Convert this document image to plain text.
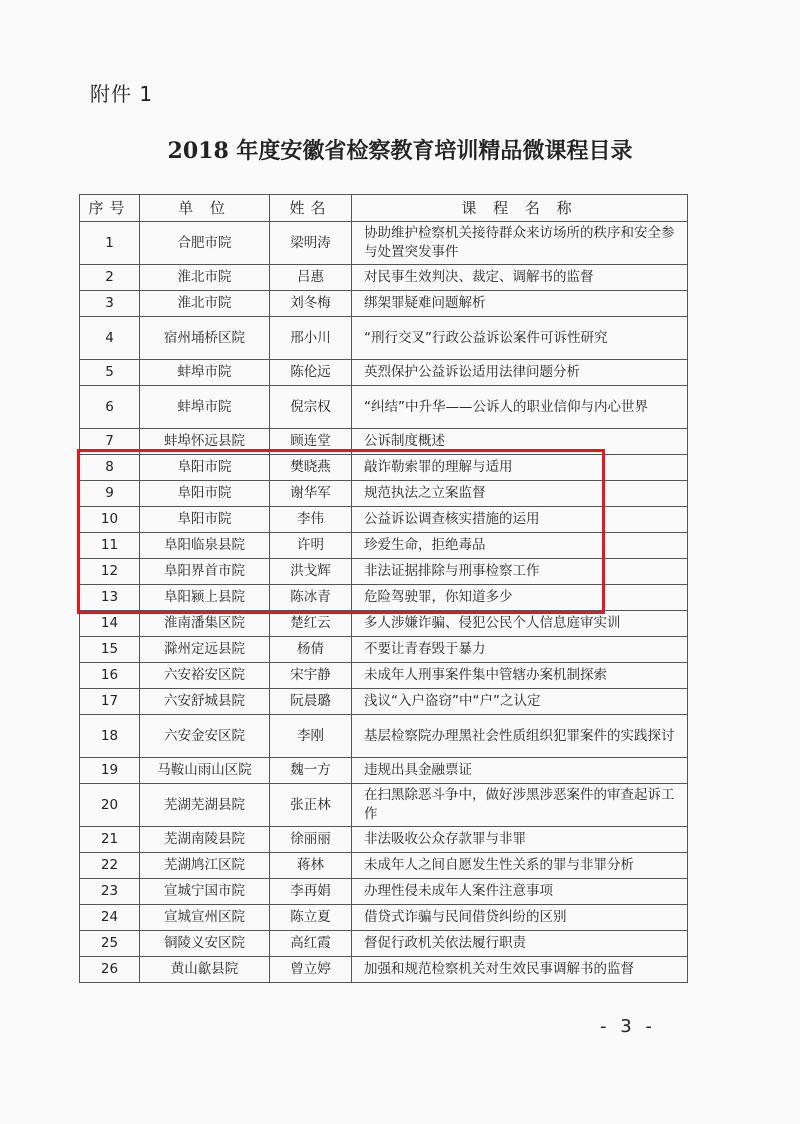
附件 1
2018 年度安徽省检察教育培训精品微课程目录
序号	单 位	姓名	课 程 名 称
1	合肥市院	梁明涛	协助维护检察机关接待群众来访场所的秩序和安全参与处置突发事件
2	淮北市院	吕惠	对民事生效判决、裁定、调解书的监督
3	淮北市院	刘冬梅	绑架罪疑难问题解析
4	宿州埇桥区院	邢小川	“刑行交叉”行政公益诉讼案件可诉性研究
5	蚌埠市院	陈伦远	英烈保护公益诉讼适用法律问题分析
6	蚌埠市院	倪宗权	“纠结”中升华——公诉人的职业信仰与内心世界
7	蚌埠怀远县院	顾连堂	公诉制度概述
8	阜阳市院	樊晓燕	敲诈勒索罪的理解与适用
9	阜阳市院	谢华军	规范执法之立案监督
10	阜阳市院	李伟	公益诉讼调查核实措施的运用
11	阜阳临泉县院	许明	珍爱生命，拒绝毒品
12	阜阳界首市院	洪戈辉	非法证据排除与刑事检察工作
13	阜阳颍上县院	陈冰青	危险驾驶罪，你知道多少
14	淮南潘集区院	楚红云	多人涉嫌诈骗、侵犯公民个人信息庭审实训
15	滁州定远县院	杨倩	不要让青春毁于暴力
16	六安裕安区院	宋宇静	未成年人刑事案件集中管辖办案机制探索
17	六安舒城县院	阮晨璐	浅议“入户盗窃”中“户”之认定
18	六安金安区院	李刚	基层检察院办理黑社会性质组织犯罪案件的实践探讨
19	马鞍山雨山区院	魏一方	违规出具金融票证
20	芜湖芜湖县院	张正林	在扫黑除恶斗争中，做好涉黑涉恶案件的审查起诉工作
21	芜湖南陵县院	徐丽丽	非法吸收公众存款罪与非罪
22	芜湖鸠江区院	蒋林	未成年人之间自愿发生性关系的罪与非罪分析
23	宣城宁国市院	李再娟	办理性侵未成年人案件注意事项
24	宣城宣州区院	陈立夏	借贷式诈骗与民间借贷纠纷的区别
25	铜陵义安区院	高红霞	督促行政机关依法履行职责
26	黄山歙县院	曾立婷	加强和规范检察机关对生效民事调解书的监督
- 3 -
